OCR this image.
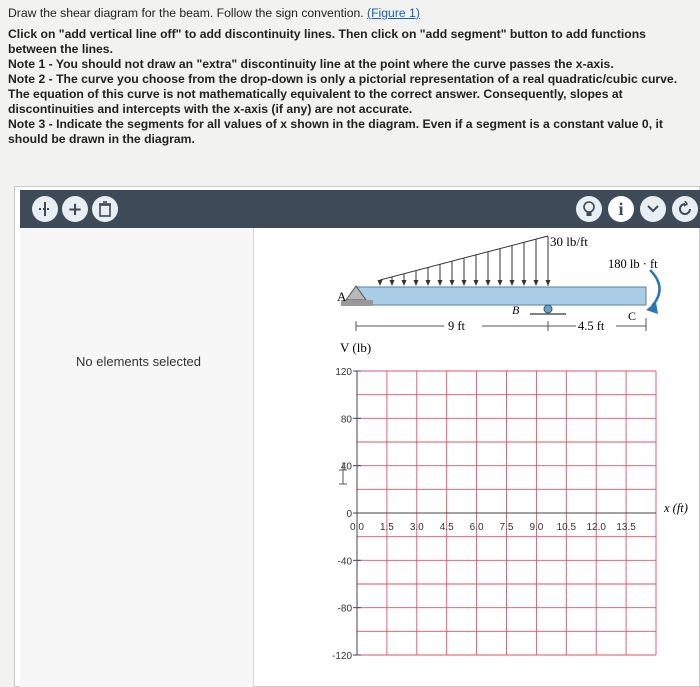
Draw the shear diagram for the beam. Follow the sign convention. (Figure 1)

Click on "add vertical line off" to add discontinuity lines. Then click on "add segment" button to add functions between the lines.

Note 1 - You should not draw an "extra" discontinuity line at the point where the curve passes the x-axis.

Note 2 - The curve you choose from the drop-down is only a pictorial representation of a real quadratic/cubic curve. The equation of this curve is not mathematically equivalent to the correct answer. Consequently, slopes at discontinuities and intercepts with the x-axis (if any) are not accurate.

Note 3 - Indicate the segments for all values of x shown in the diagram. Even if a segment is a constant value 0, it should be drawn in the diagram.

+	i
No elements selected
30 lb/ft
180 lb · ft
A
B	C
9 ft	4.5 ft
V (lb)
x (ft)
120
80
40
0
-40
-80
-120
0.0 1.5 3.0 4.5 6.0 7.5 9.0 10.5 12.0 13.5
